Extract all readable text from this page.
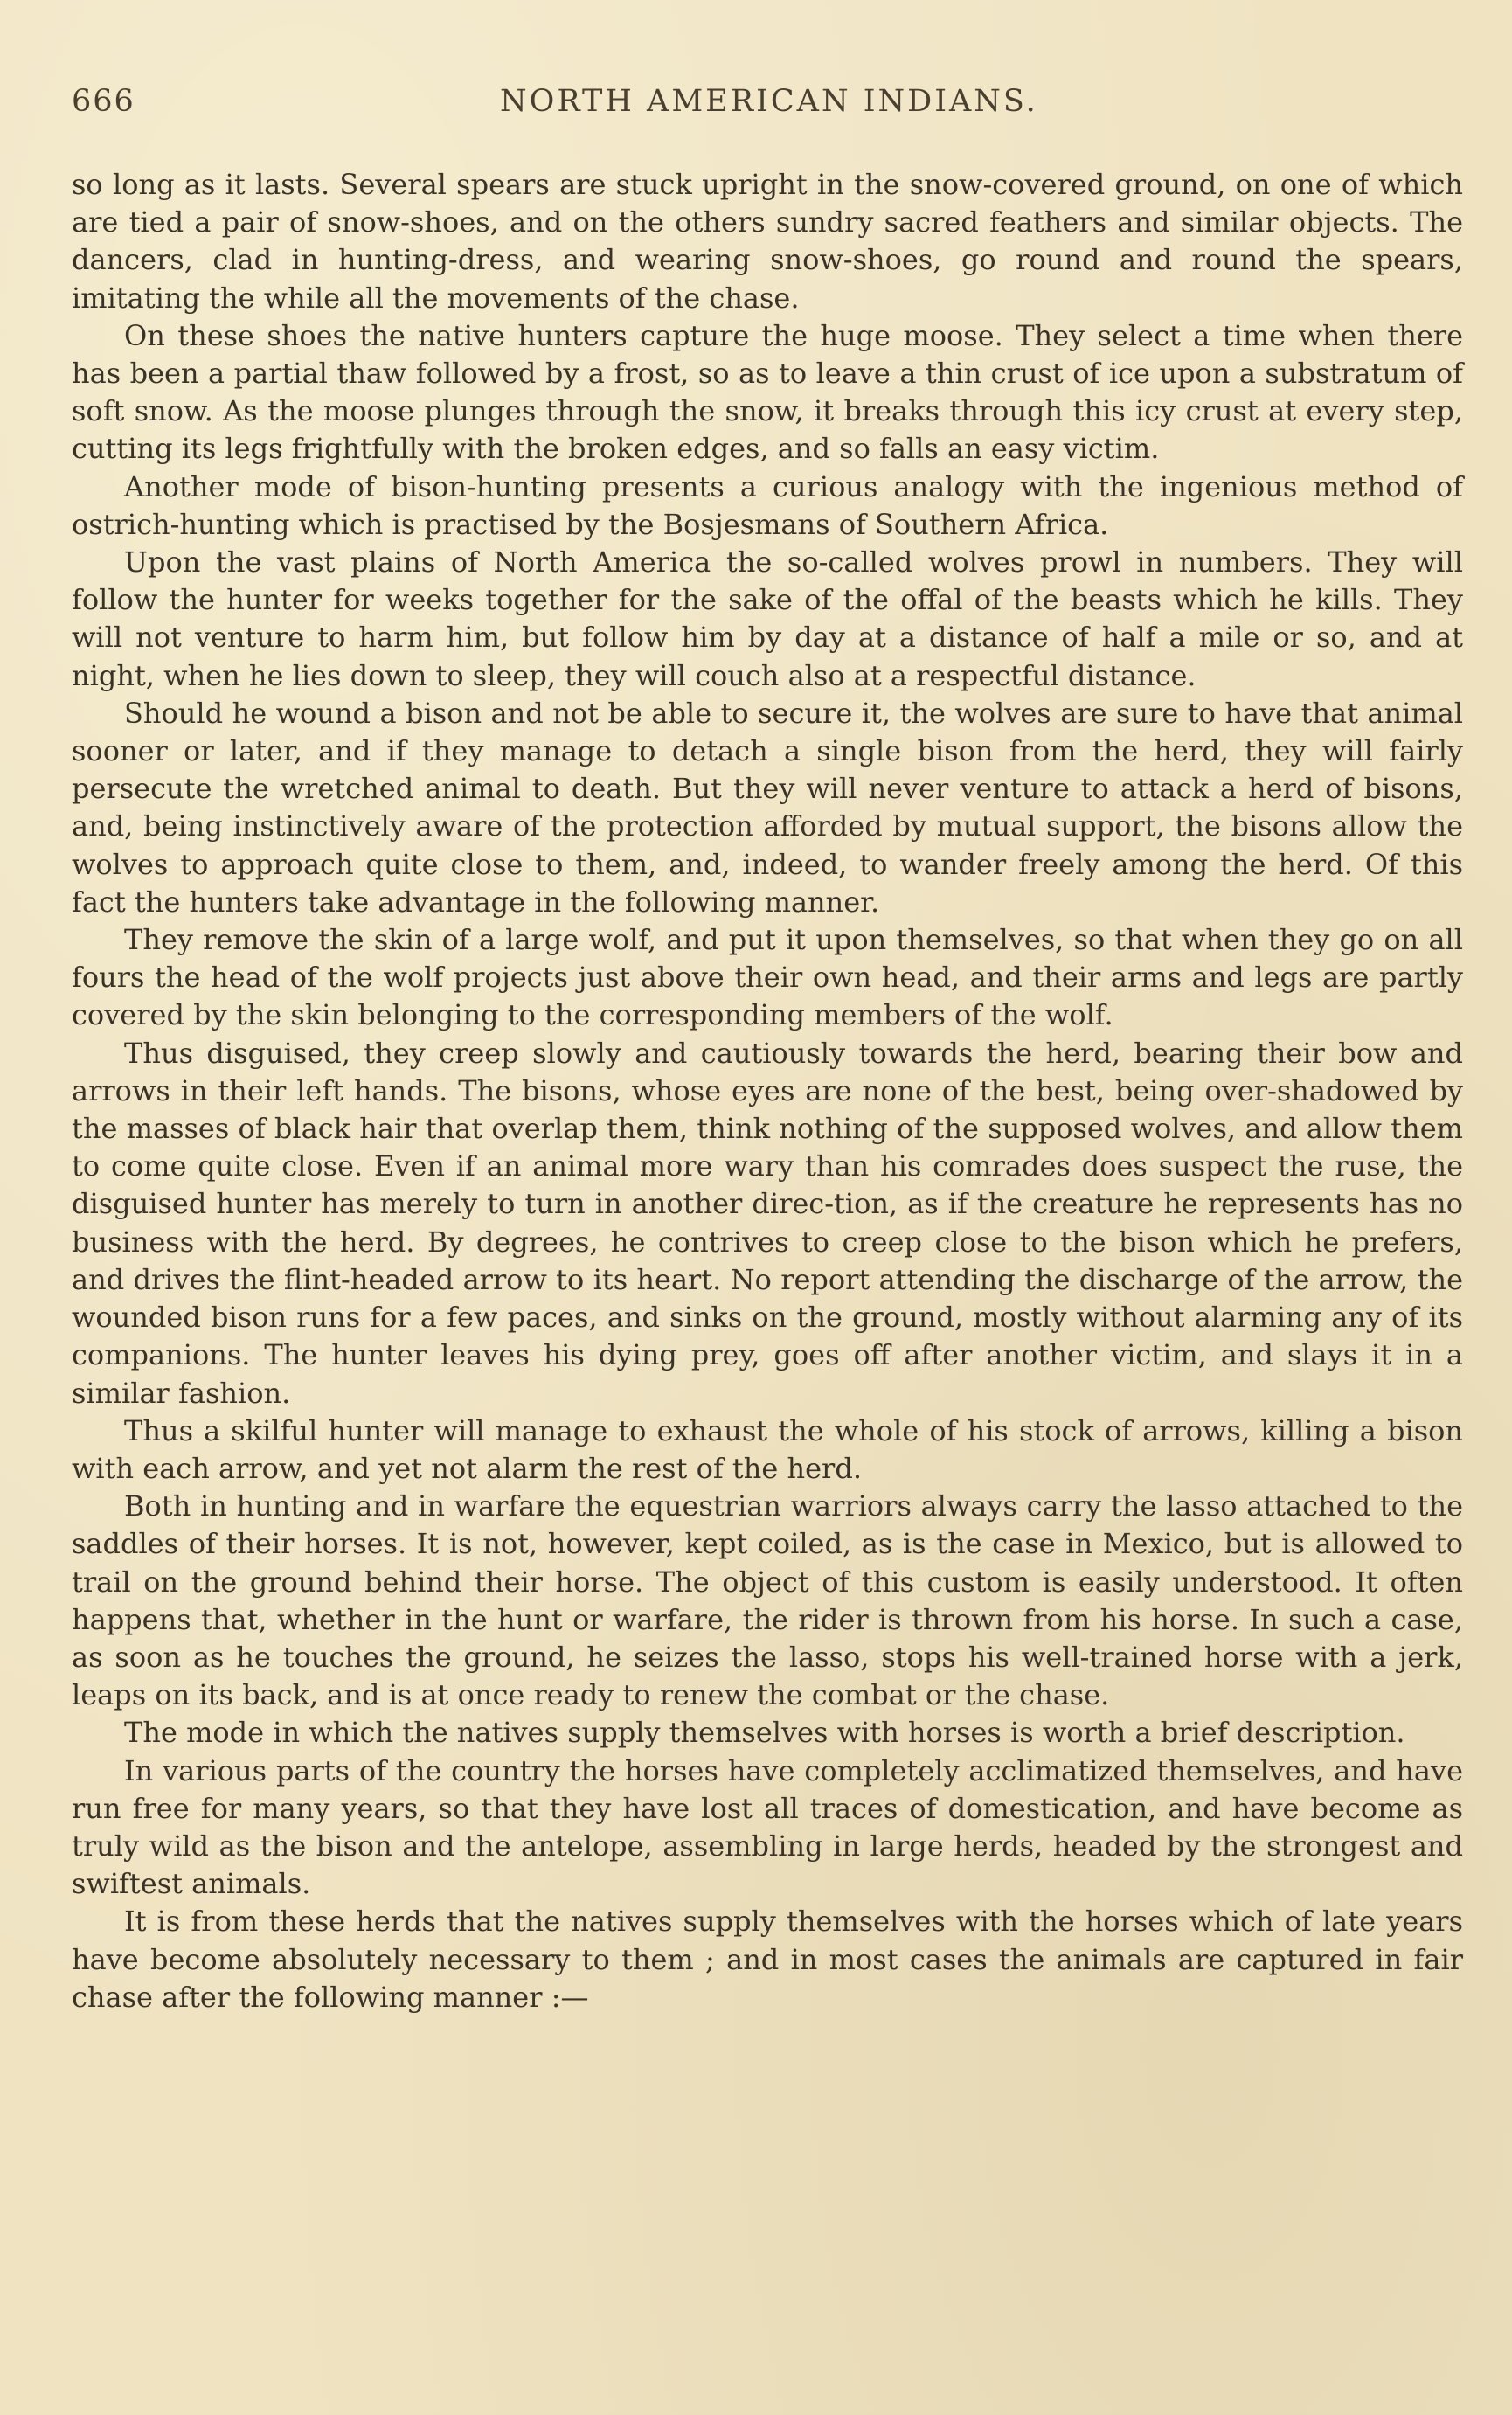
666	NORTH AMERICAN INDIANS.

so long as it lasts. Several spears are stuck upright in the snow-covered ground, on one of which are tied a pair of snow-shoes, and on the others sundry sacred feathers and similar objects. The dancers, clad in hunting-dress, and wearing snow-shoes, go round and round the spears, imitating the while all the movements of the chase.

On these shoes the native hunters capture the huge moose. They select a time when there has been a partial thaw followed by a frost, so as to leave a thin crust of ice upon a substratum of soft snow. As the moose plunges through the snow, it breaks through this icy crust at every step, cutting its legs frightfully with the broken edges, and so falls an easy victim.

Another mode of bison-hunting presents a curious analogy with the ingenious method of ostrich-hunting which is practised by the Bosjesmans of Southern Africa.

Upon the vast plains of North America the so-called wolves prowl in numbers. They will follow the hunter for weeks together for the sake of the offal of the beasts which he kills. They will not venture to harm him, but follow him by day at a distance of half a mile or so, and at night, when he lies down to sleep, they will couch also at a respectful distance.

Should he wound a bison and not be able to secure it, the wolves are sure to have that animal sooner or later, and if they manage to detach a single bison from the herd, they will fairly persecute the wretched animal to death. But they will never venture to attack a herd of bisons, and, being instinctively aware of the protection afforded by mutual support, the bisons allow the wolves to approach quite close to them, and, indeed, to wander freely among the herd. Of this fact the hunters take advantage in the following manner.

They remove the skin of a large wolf, and put it upon themselves, so that when they go on all fours the head of the wolf projects just above their own head, and their arms and legs are partly covered by the skin belonging to the corresponding members of the wolf.

Thus disguised, they creep slowly and cautiously towards the herd, bearing their bow and arrows in their left hands. The bisons, whose eyes are none of the best, being over-shadowed by the masses of black hair that overlap them, think nothing of the supposed wolves, and allow them to come quite close. Even if an animal more wary than his comrades does suspect the ruse, the disguised hunter has merely to turn in another direc-tion, as if the creature he represents has no business with the herd. By degrees, he contrives to creep close to the bison which he prefers, and drives the flint-headed arrow to its heart. No report attending the discharge of the arrow, the wounded bison runs for a few paces, and sinks on the ground, mostly without alarming any of its companions. The hunter leaves his dying prey, goes off after another victim, and slays it in a similar fashion.

Thus a skilful hunter will manage to exhaust the whole of his stock of arrows, killing a bison with each arrow, and yet not alarm the rest of the herd.

Both in hunting and in warfare the equestrian warriors always carry the lasso attached to the saddles of their horses. It is not, however, kept coiled, as is the case in Mexico, but is allowed to trail on the ground behind their horse. The object of this custom is easily understood. It often happens that, whether in the hunt or warfare, the rider is thrown from his horse. In such a case, as soon as he touches the ground, he seizes the lasso, stops his well-trained horse with a jerk, leaps on its back, and is at once ready to renew the combat or the chase.

The mode in which the natives supply themselves with horses is worth a brief description.

In various parts of the country the horses have completely acclimatized themselves, and have run free for many years, so that they have lost all traces of domestication, and have become as truly wild as the bison and the antelope, assembling in large herds, headed by the strongest and swiftest animals.

It is from these herds that the natives supply themselves with the horses which of late years have become absolutely necessary to them ; and in most cases the animals are captured in fair chase after the following manner :—
